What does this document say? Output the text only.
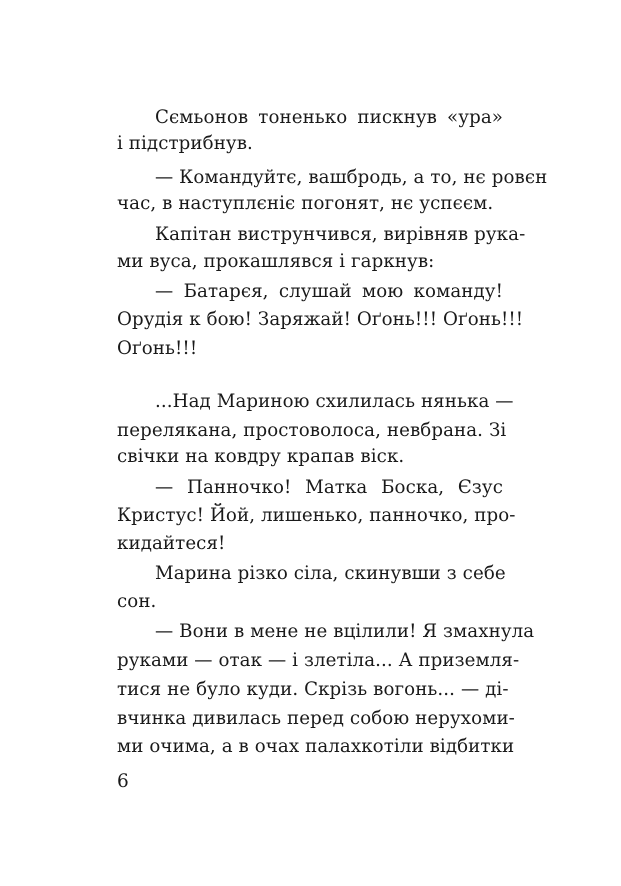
Сємьонов тоненько пискнув «ура»
і підстрибнув.
— Командуйтє, вашбродь, а то, нє ровєн
час, в наступлєніє погонят, нє успєєм.
Капітан виструнчився, вирівняв рука-
ми вуса, прокашлявся і гаркнув:
— Батарєя, слушай мою команду!
Орудія к бою! Заряжай! Оґонь!!! Оґонь!!!
Оґонь!!!
...Над Мариною схилилась нянька —
перелякана, простоволоса, невбрана. Зі
свічки на ковдру крапав віск.
— Панночко! Матка Боска, Єзус
Кристус! Йой, лишенько, панночко, про-
кидайтеся!
Марина різко сіла, скинувши з себе
сон.
— Вони в мене не вцілили! Я змахнула
руками — отак — і злетіла... А приземля-
тися не було куди. Скрізь вогонь... — ді-
вчинка дивилась перед собою нерухоми-
ми очима, а в очах палахкотіли відбитки
6
